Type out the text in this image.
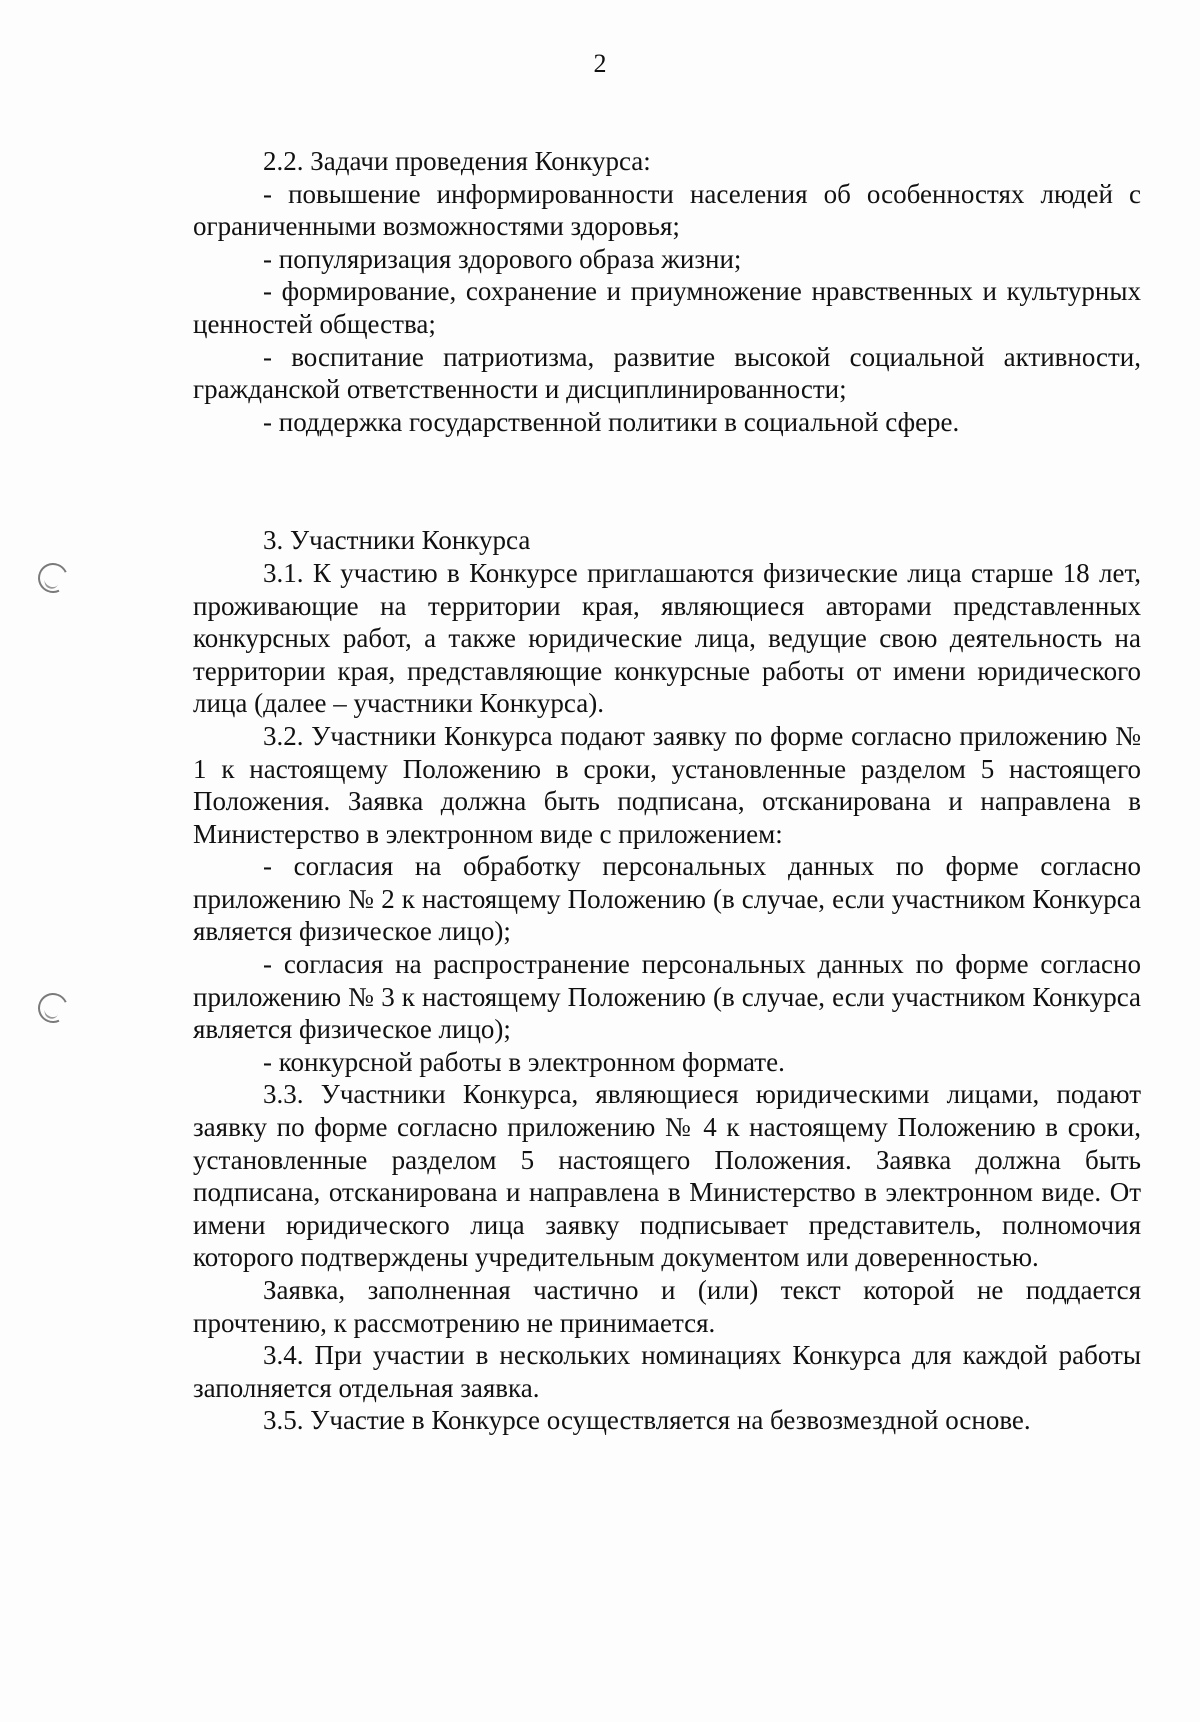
2

2.2. Задачи проведения Конкурса:

- повышение информированности населения об особенностях людей с ограниченными возможностями здоровья;

- популяризация здорового образа жизни;

- формирование, сохранение и приумножение нравственных и культурных ценностей общества;

- воспитание патриотизма, развитие высокой социальной активности, гражданской ответственности и дисциплинированности;

- поддержка государственной политики в социальной сфере.

3. Участники Конкурса

3.1. К участию в Конкурсе приглашаются физические лица старше 18 лет, проживающие на территории края, являющиеся авторами представленных конкурсных работ, а также юридические лица, ведущие свою деятельность на территории края, представляющие конкурсные работы от имени юридического лица (далее – участники Конкурса).

3.2. Участники Конкурса подают заявку по форме согласно приложению № 1 к настоящему Положению в сроки, установленные разделом 5 настоящего Положения. Заявка должна быть подписана, отсканирована и направлена в Министерство в электронном виде с приложением:

- согласия на обработку персональных данных по форме согласно приложению № 2 к настоящему Положению (в случае, если участником Конкурса является физическое лицо);

- согласия на распространение персональных данных по форме согласно приложению № 3 к настоящему Положению (в случае, если участником Конкурса является физическое лицо);

- конкурсной работы в электронном формате.

3.3. Участники Конкурса, являющиеся юридическими лицами, подают заявку по форме согласно приложению № 4 к настоящему Положению в сроки, установленные разделом 5 настоящего Положения. Заявка должна быть подписана, отсканирована и направлена в Министерство в электронном виде. От имени юридического лица заявку подписывает представитель, полномочия которого подтверждены учредительным документом или доверенностью.

Заявка, заполненная частично и (или) текст которой не поддается прочтению, к рассмотрению не принимается.

3.4. При участии в нескольких номинациях Конкурса для каждой работы заполняется отдельная заявка.

3.5. Участие в Конкурсе осуществляется на безвозмездной основе.
